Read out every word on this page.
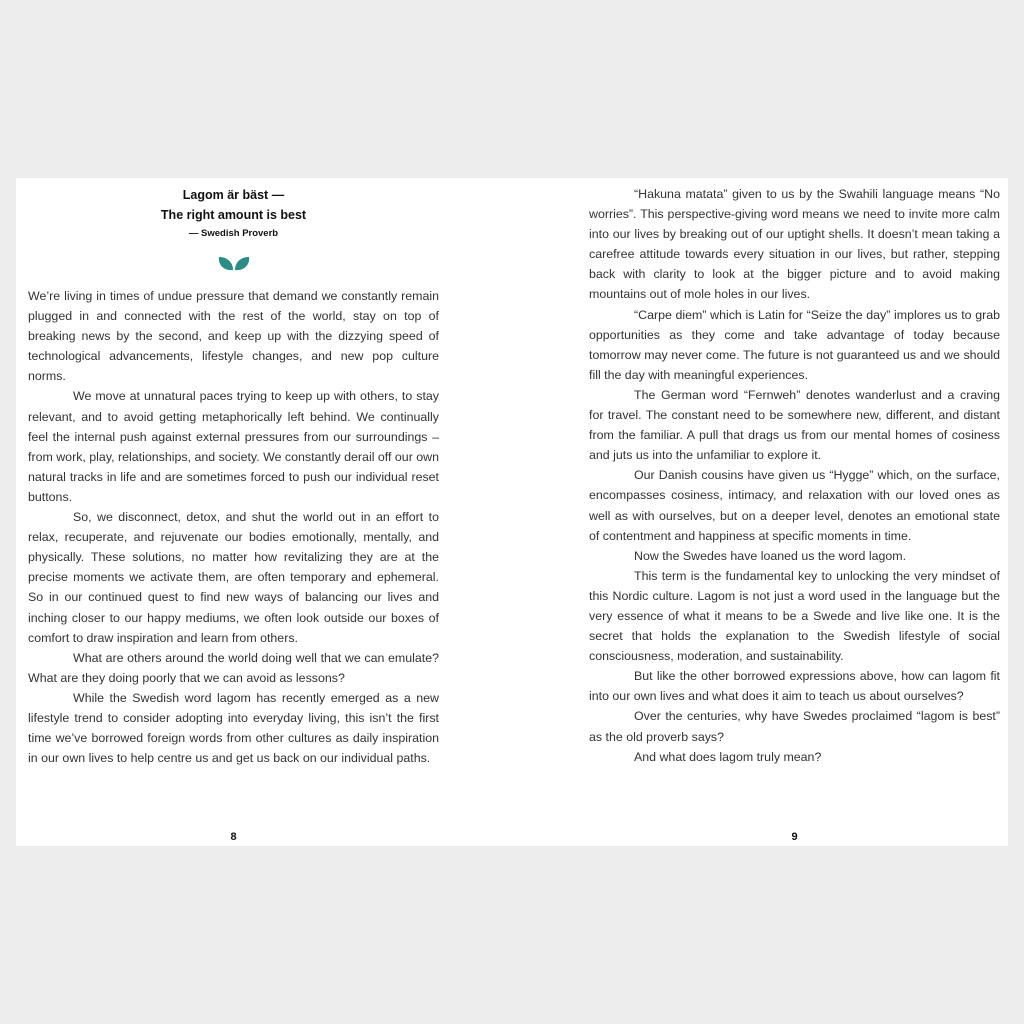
Lagom är bäst —
The right amount is best
— Swedish Proverb

We’re living in times of undue pressure that demand we constantly remain plugged in and connected with the rest of the world, stay on top of breaking news by the second, and keep up with the dizzying speed of technological advancements, lifestyle changes, and new pop culture norms.

We move at unnatural paces trying to keep up with others, to stay relevant, and to avoid getting metaphorically left behind. We continually feel the internal push against external pressures from our surroundings – from work, play, relationships, and society. We constantly derail off our own natural tracks in life and are sometimes forced to push our individual reset buttons.

So, we disconnect, detox, and shut the world out in an effort to relax, recuperate, and rejuvenate our bodies emotionally, mentally, and physically. These solutions, no matter how revitalizing they are at the precise moments we activate them, are often temporary and ephemeral. So in our continued quest to find new ways of balancing our lives and inching closer to our happy mediums, we often look outside our boxes of comfort to draw inspiration and learn from others.

What are others around the world doing well that we can emulate? What are they doing poorly that we can avoid as lessons?

While the Swedish word lagom has recently emerged as a new lifestyle trend to consider adopting into everyday living, this isn’t the first time we’ve borrowed foreign words from other cultures as daily inspiration in our own lives to help centre us and get us back on our individual paths.

8

“Hakuna matata” given to us by the Swahili language means “No worries”. This perspective-giving word means we need to invite more calm into our lives by breaking out of our uptight shells. It doesn’t mean taking a carefree attitude towards every situation in our lives, but rather, stepping back with clarity to look at the bigger picture and to avoid making mountains out of mole holes in our lives.

“Carpe diem” which is Latin for “Seize the day” implores us to grab opportunities as they come and take advantage of today because tomorrow may never come. The future is not guaranteed us and we should fill the day with meaningful experiences.

The German word “Fernweh” denotes wanderlust and a craving for travel. The constant need to be somewhere new, different, and distant from the familiar. A pull that drags us from our mental homes of cosiness and juts us into the unfamiliar to explore it.

Our Danish cousins have given us “Hygge” which, on the surface, encompasses cosiness, intimacy, and relaxation with our loved ones as well as with ourselves, but on a deeper level, denotes an emotional state of contentment and happiness at specific moments in time.

Now the Swedes have loaned us the word lagom.

This term is the fundamental key to unlocking the very mindset of this Nordic culture. Lagom is not just a word used in the language but the very essence of what it means to be a Swede and live like one. It is the secret that holds the explanation to the Swedish lifestyle of social consciousness, moderation, and sustainability.

But like the other borrowed expressions above, how can lagom fit into our own lives and what does it aim to teach us about ourselves?

Over the centuries, why have Swedes proclaimed “lagom is best” as the old proverb says?

And what does lagom truly mean?

9
